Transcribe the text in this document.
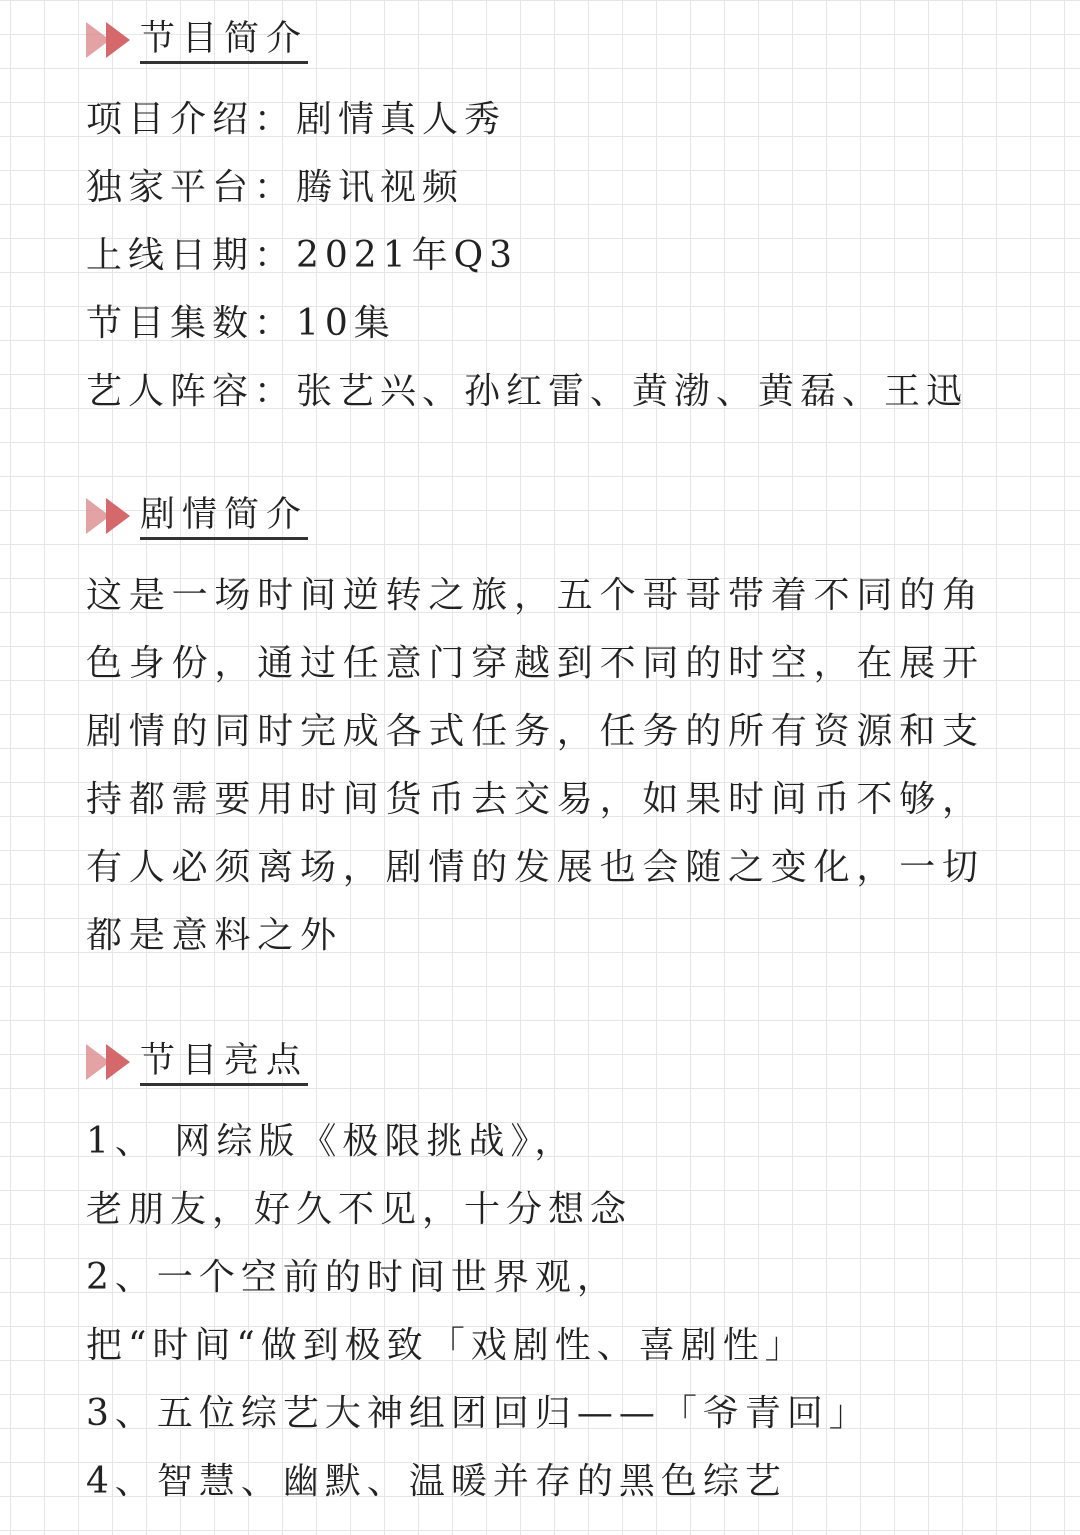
节目简介
项目介绍：剧情真人秀
独家平台：腾讯视频
上线日期：2021年Q3
节目集数：10集
艺人阵容：张艺兴、孙红雷、黄渤、黄磊、王迅
剧情简介

这是一场时间逆转之旅，五个哥哥带着不同的角色身份，通过任意门穿越到不同的时空，在展开剧情的同时完成各式任务，任务的所有资源和支持都需要用时间货币去交易，如果时间币不够，有人必须离场，剧情的发展也会随之变化，一切都是意料之外

节目亮点
1、 网综版《极限挑战》，
老朋友，好久不见，十分想念
2、一个空前的时间世界观，
把“时间“做到极致「戏剧性、喜剧性」
3、五位综艺大神组团回归——「爷青回」
4、智慧、幽默、温暖并存的黑色综艺
